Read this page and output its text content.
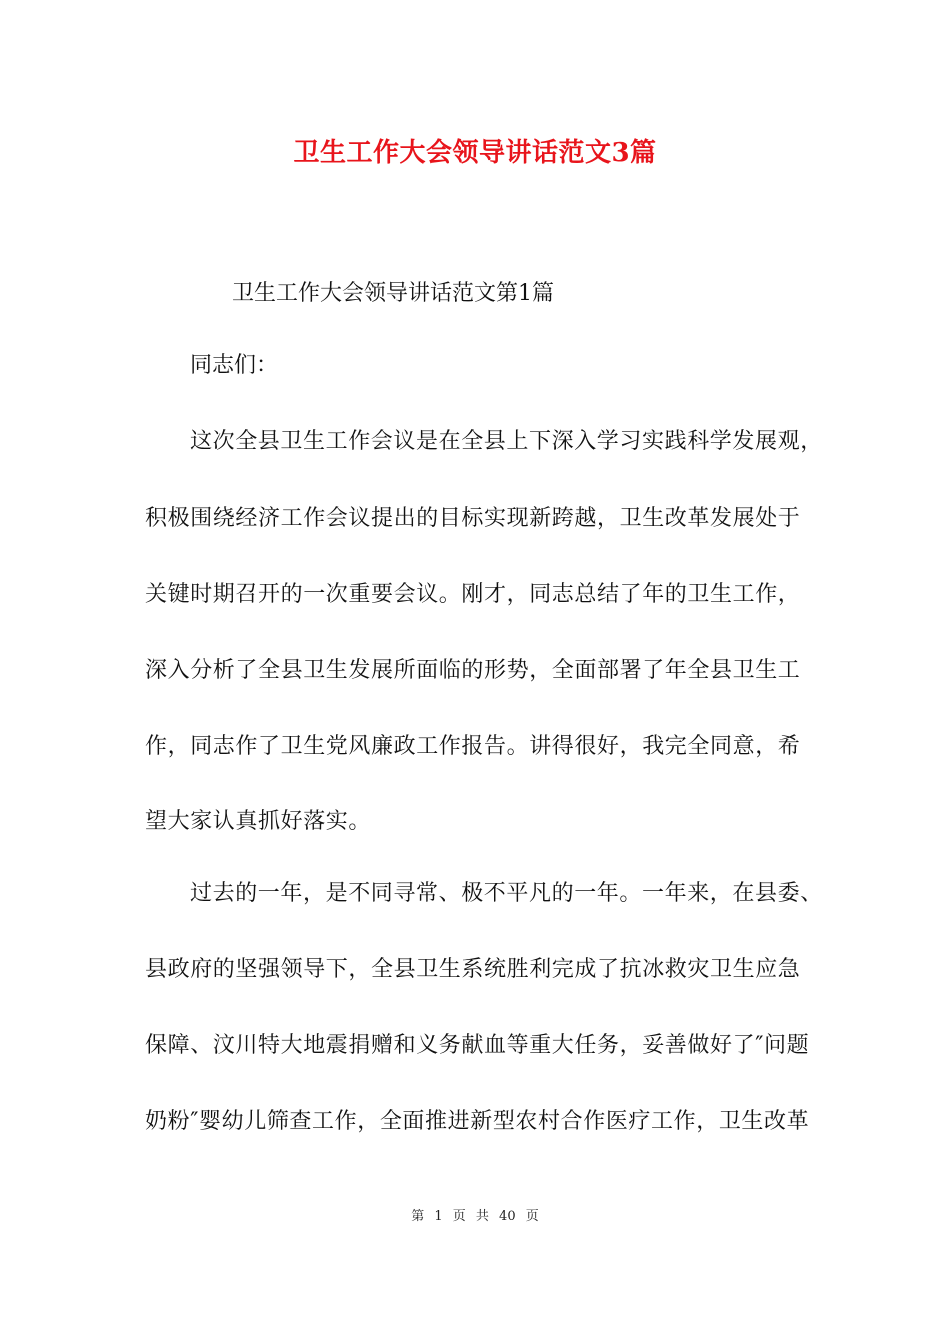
卫生工作大会领导讲话范文3篇
卫生工作大会领导讲话范文第1篇
同志们：
这次全县卫生工作会议是在全县上下深入学习实践科学发展观，
积极围绕经济工作会议提出的目标实现新跨越，卫生改革发展处于
关键时期召开的一次重要会议。刚才，同志总结了年的卫生工作，
深入分析了全县卫生发展所面临的形势，全面部署了年全县卫生工
作，同志作了卫生党风廉政工作报告。讲得很好，我完全同意，希
望大家认真抓好落实。
过去的一年，是不同寻常、极不平凡的一年。一年来，在县委、
县政府的坚强领导下，全县卫生系统胜利完成了抗冰救灾卫生应急
保障、汶川特大地震捐赠和义务献血等重大任务，妥善做好了″问题
奶粉″婴幼儿筛查工作，全面推进新型农村合作医疗工作，卫生改革
第 1 页 共 40 页
